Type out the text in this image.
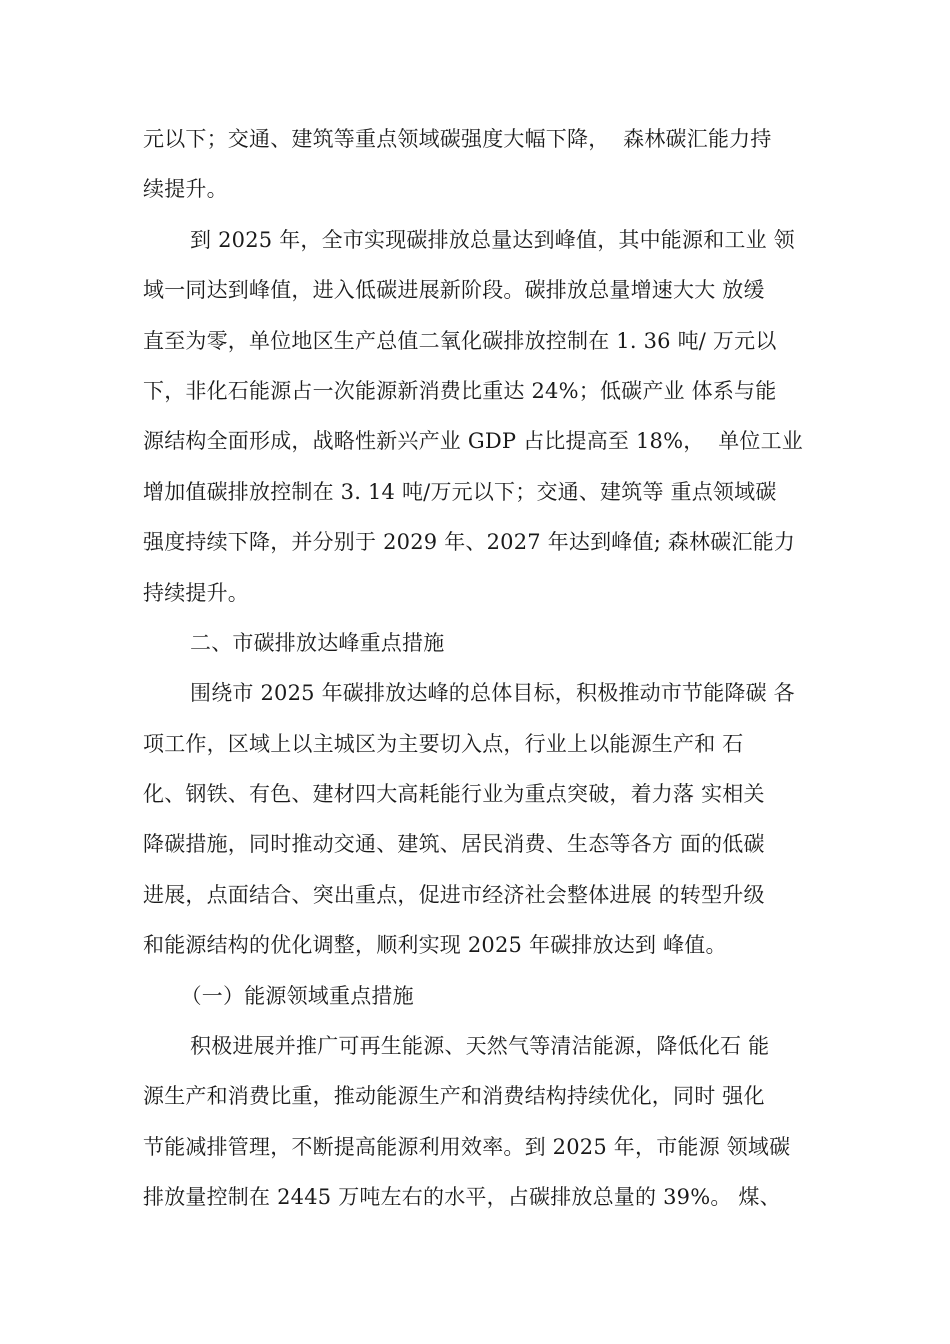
元以下；交通、建筑等重点领域碳强度大幅下降，  森林碳汇能力持
续提升。
到 2025 年，全市实现碳排放总量达到峰值，其中能源和工业 领
域一同达到峰值，进入低碳进展新阶段。碳排放总量增速大大 放缓
直至为零，单位地区生产总值二氧化碳排放控制在 1. 36 吨/ 万元以
下，非化石能源占一次能源新消费比重达 24%；低碳产业 体系与能
源结构全面形成，战略性新兴产业 GDP 占比提高至 18%，  单位工业
增加值碳排放控制在 3. 14 吨/万元以下；交通、建筑等 重点领域碳
强度持续下降，并分别于 2029 年、2027 年达到峰值; 森林碳汇能力
持续提升。
二、市碳排放达峰重点措施
围绕市 2025 年碳排放达峰的总体目标，积极推动市节能降碳 各
项工作，区域上以主城区为主要切入点，行业上以能源生产和 石
化、钢铁、有色、建材四大高耗能行业为重点突破，着力落 实相关
降碳措施，同时推动交通、建筑、居民消费、生态等各方 面的低碳
进展，点面结合、突出重点，促进市经济社会整体进展 的转型升级
和能源结构的优化调整，顺利实现 2025 年碳排放达到 峰值。
（一）能源领域重点措施
积极进展并推广可再生能源、天然气等清洁能源，降低化石 能
源生产和消费比重，推动能源生产和消费结构持续优化，同时 强化
节能减排管理，不断提高能源利用效率。到 2025 年，市能源 领域碳
排放量控制在 2445 万吨左右的水平，占碳排放总量的 39%。 煤、
